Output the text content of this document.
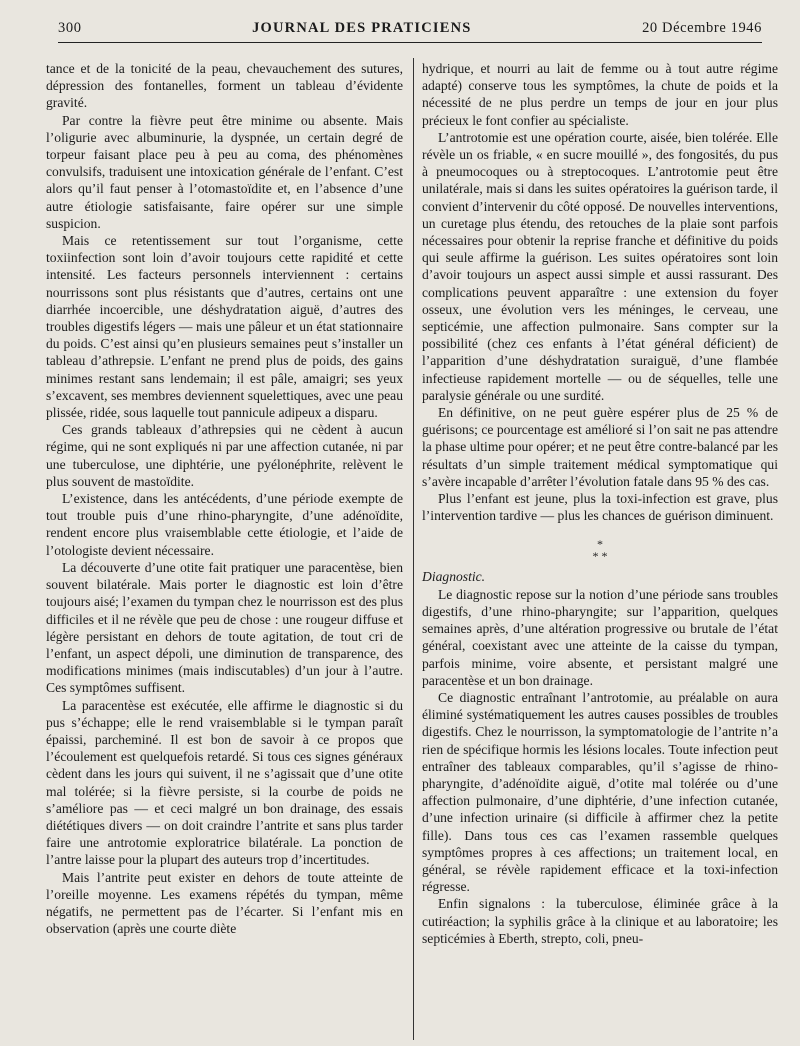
300	JOURNAL DES PRATICIENS	20 Décembre 1946

tance et de la tonicité de la peau, chevauchement des sutures, dépression des fontanelles, forment un tableau d’évidente gravité.

Par contre la fièvre peut être minime ou absente. Mais l’oligurie avec albuminurie, la dyspnée, un certain degré de torpeur faisant place peu à peu au coma, des phénomènes convulsifs, traduisent une intoxication générale de l’enfant. C’est alors qu’il faut penser à l’otomastoïdite et, en l’absence d’une autre étiologie satisfaisante, faire opérer sur une simple suspicion.

Mais ce retentissement sur tout l’organisme, cette toxiinfection sont loin d’avoir toujours cette rapidité et cette intensité. Les facteurs personnels interviennent : certains nourrissons sont plus résistants que d’autres, certains ont une diarrhée incoercible, une déshydratation aiguë, d’autres des troubles digestifs légers — mais une pâleur et un état stationnaire du poids. C’est ainsi qu’en plusieurs semaines peut s’installer un tableau d’athrepsie. L’enfant ne prend plus de poids, des gains minimes restant sans lendemain; il est pâle, amaigri; ses yeux s’excavent, ses membres deviennent squelettiques, avec une peau plissée, ridée, sous laquelle tout pannicule adipeux a disparu.

Ces grands tableaux d’athrepsies qui ne cèdent à aucun régime, qui ne sont expliqués ni par une affection cutanée, ni par une tuberculose, une diphtérie, une pyélonéphrite, relèvent le plus souvent de mastoïdite.

L’existence, dans les antécédents, d’une période exempte de tout trouble puis d’une rhino-pharyngite, d’une adénoïdite, rendent encore plus vraisemblable cette étiologie, et l’aide de l’otologiste devient nécessaire.

La découverte d’une otite fait pratiquer une paracentèse, bien souvent bilatérale. Mais porter le diagnostic est loin d’être toujours aisé; l’examen du tympan chez le nourrisson est des plus difficiles et il ne révèle que peu de chose : une rougeur diffuse et légère persistant en dehors de toute agitation, de tout cri de l’enfant, un aspect dépoli, une diminution de transparence, des modifications minimes (mais indiscutables) d’un jour à l’autre. Ces symptômes suffisent.

La paracentèse est exécutée, elle affirme le diagnostic si du pus s’échappe; elle le rend vraisemblable si le tympan paraît épaissi, parcheminé. Il est bon de savoir à ce propos que l’écoulement est quelquefois retardé. Si tous ces signes généraux cèdent dans les jours qui suivent, il ne s’agissait que d’une otite mal tolérée; si la fièvre persiste, si la courbe de poids ne s’améliore pas — et ceci malgré un bon drainage, des essais diététiques divers — on doit craindre l’antrite et sans plus tarder faire une antrotomie exploratrice bilatérale. La ponction de l’antre laisse pour la plupart des auteurs trop d’incertitudes.

Mais l’antrite peut exister en dehors de toute atteinte de l’oreille moyenne. Les examens répétés du tympan, même négatifs, ne permettent pas de l’écarter. Si l’enfant mis en observation (après une courte diète

hydrique, et nourri au lait de femme ou à tout autre régime adapté) conserve tous les symptômes, la chute de poids et la nécessité de ne plus perdre un temps de jour en jour plus précieux le font confier au spécialiste.

L’antrotomie est une opération courte, aisée, bien tolérée. Elle révèle un os friable, « en sucre mouillé », des fongosités, du pus à pneumocoques ou à streptocoques. L’antrotomie peut être unilatérale, mais si dans les suites opératoires la guérison tarde, il convient d’intervenir du côté opposé. De nouvelles interventions, un curetage plus étendu, des retouches de la plaie sont parfois nécessaires pour obtenir la reprise franche et définitive du poids qui seule affirme la guérison. Les suites opératoires sont loin d’avoir toujours un aspect aussi simple et aussi rassurant. Des complications peuvent apparaître : une extension du foyer osseux, une évolution vers les méninges, le cerveau, une septicémie, une affection pulmonaire. Sans compter sur la possibilité (chez ces enfants à l’état général déficient) de l’apparition d’une déshydratation suraiguë, d’une flambée infectieuse rapidement mortelle — ou de séquelles, telle une paralysie générale ou une surdité.

En définitive, on ne peut guère espérer plus de 25 % de guérisons; ce pourcentage est amélioré si l’on sait ne pas attendre la phase ultime pour opérer; et ne peut être contre-balancé par les résultats d’un simple traitement médical symptomatique qui s’avère incapable d’arrêter l’évolution fatale dans 95 % des cas.

Plus l’enfant est jeune, plus la toxi-infection est grave, plus l’intervention tardive — plus les chances de guérison diminuent.

*
* *

Diagnostic.

Le diagnostic repose sur la notion d’une période sans troubles digestifs, d’une rhino-pharyngite; sur l’apparition, quelques semaines après, d’une altération progressive ou brutale de l’état général, coexistant avec une atteinte de la caisse du tympan, parfois minime, voire absente, et persistant malgré une paracentèse et un bon drainage.

Ce diagnostic entraînant l’antrotomie, au préalable on aura éliminé systématiquement les autres causes possibles de troubles digestifs. Chez le nourrisson, la symptomatologie de l’antrite n’a rien de spécifique hormis les lésions locales. Toute infection peut entraîner des tableaux comparables, qu’il s’agisse de rhino-pharyngite, d’adénoïdite aiguë, d’otite mal tolérée ou d’une affection pulmonaire, d’une diphtérie, d’une infection cutanée, d’une infection urinaire (si difficile à affirmer chez la petite fille). Dans tous ces cas l’examen rassemble quelques symptômes propres à ces affections; un traitement local, en général, se révèle rapidement efficace et la toxi-infection régresse.

Enfin signalons : la tuberculose, éliminée grâce à la cutiréaction; la syphilis grâce à la clinique et au laboratoire; les septicémies à Eberth, strepto, coli, pneu-
